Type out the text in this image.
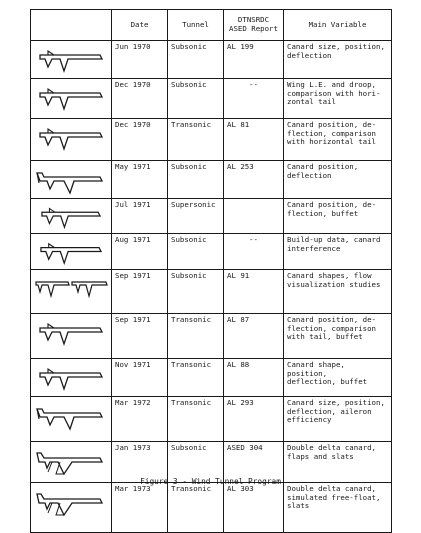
	Date	Tunnel	DTNSRDC
ASED Report	Main Variable

Jun 1970	Subsonic	AL 199	Canard size, position,
deflection

Dec 1970	Subsonic	--	Wing L.E. and droop,
comparison with hori-
zontal tail

Dec 1970	Transonic	AL 81	Canard position, de-
flection, comparison
with horizontal tail

May 1971	Subsonic	AL 253	Canard position,
deflection

Jul 1971	Supersonic		Canard position, de-
flection, buffet

Aug 1971	Subsonic	--	Build-up data, canard
interference

Sep 1971	Subsonic	AL 91	Canard shapes, flow
visualization studies

Sep 1971	Transonic	AL 87	Canard position, de-
flection, comparison
with tail, buffet

Nov 1971	Transonic	AL 88	Canard shape, position,
deflection, buffet

Mar 1972	Transonic	AL 293	Canard size, position,
deflection, aileron
efficiency

Jan 1973	Subsonic	ASED 304	Double delta canard,
flaps and slats

Mar 1973	Transonic	AL 303	Double delta canard,
simulated free-float,
slats
Figure 3 - Wind Tunnel Program
